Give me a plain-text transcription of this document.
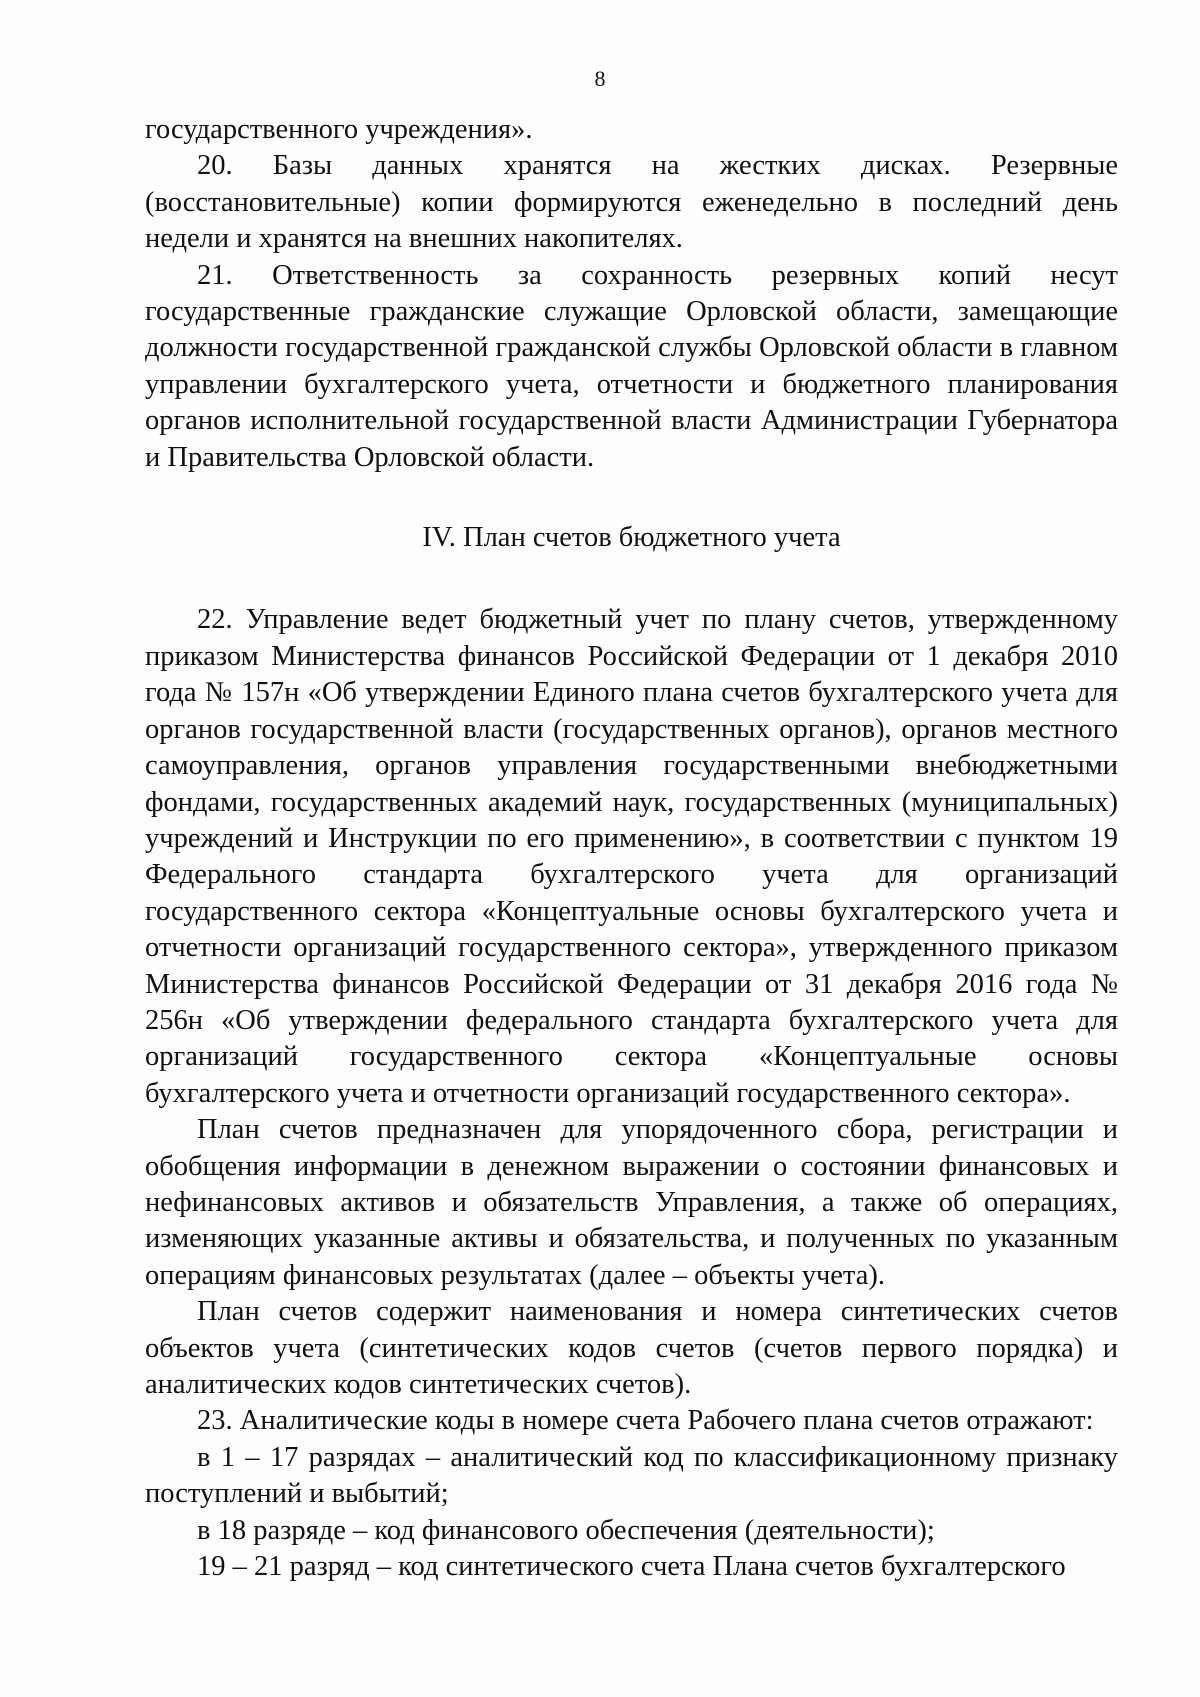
8

государственного учреждения».

20. Базы данных хранятся на жестких дисках. Резервные (восстановительные) копии формируются еженедельно в последний день недели и хранятся на внешних накопителях.

21. Ответственность за сохранность резервных копий несут государственные гражданские служащие Орловской области, замещающие должности государственной гражданской службы Орловской области в главном управлении бухгалтерского учета, отчетности и бюджетного планирования органов исполнительной государственной власти Администрации Губернатора и Правительства Орловской области.

IV. План счетов бюджетного учета

22. Управление ведет бюджетный учет по плану счетов, утвержденному приказом Министерства финансов Российской Федерации от 1 декабря 2010 года № 157н «Об утверждении Единого плана счетов бухгалтерского учета для органов государственной власти (государственных органов), органов местного самоуправления, органов управления государственными внебюджетными фондами, государственных академий наук, государственных (муниципальных) учреждений и Инструкции по его применению», в соответствии с пунктом 19 Федерального стандарта бухгалтерского учета для организаций государственного сектора «Концептуальные основы бухгалтерского учета и отчетности организаций государственного сектора», утвержденного приказом Министерства финансов Российской Федерации от 31 декабря 2016 года № 256н «Об утверждении федерального стандарта бухгалтерского учета для организаций государственного сектора «Концептуальные основы бухгалтерского учета и отчетности организаций государственного сектора».

План счетов предназначен для упорядоченного сбора, регистрации и обобщения информации в денежном выражении о состоянии финансовых и нефинансовых активов и обязательств Управления, а также об операциях, изменяющих указанные активы и обязательства, и полученных по указанным операциям финансовых результатах (далее – объекты учета).

План счетов содержит наименования и номера синтетических счетов объектов учета (синтетических кодов счетов (счетов первого порядка) и аналитических кодов синтетических счетов).

23. Аналитические коды в номере счета Рабочего плана счетов отражают:

в 1 – 17 разрядах – аналитический код по классификационному признаку поступлений и выбытий;

в 18 разряде – код финансового обеспечения (деятельности);

19 – 21 разряд – код синтетического счета Плана счетов бухгалтерского
